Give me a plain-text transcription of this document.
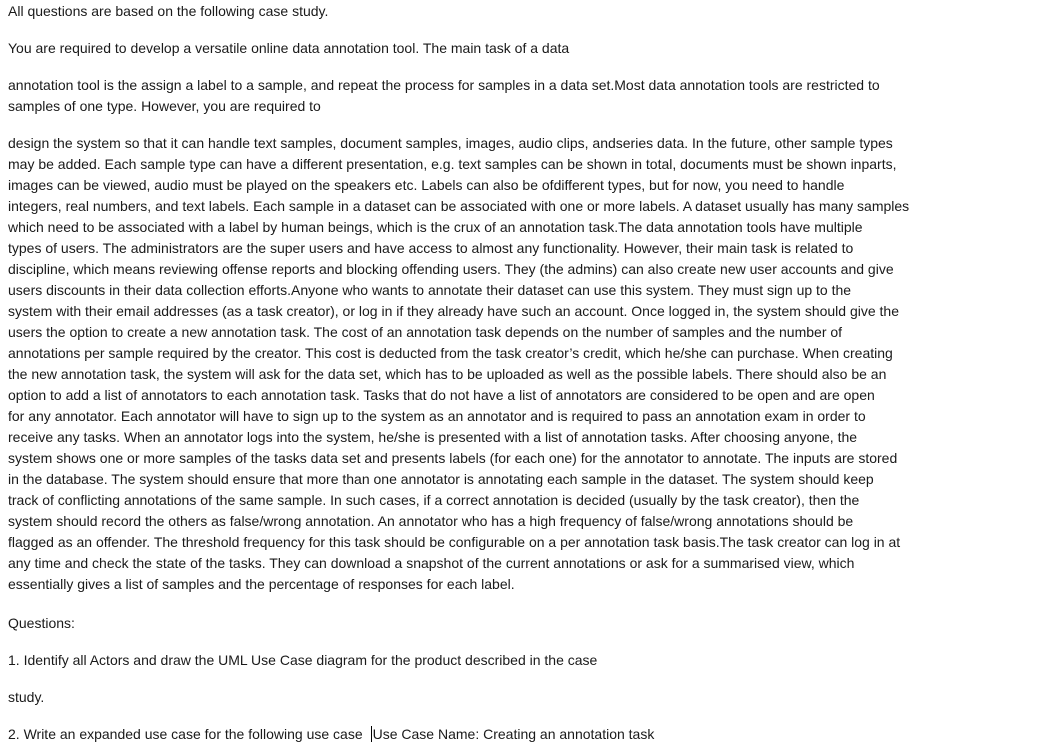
All questions are based on the following case study.

You are required to develop a versatile online data annotation tool. The main task of a data

annotation tool is the assign a label to a sample, and repeat the process for samples in a data set.Most data annotation tools are restricted to
samples of one type. However, you are required to

design the system so that it can handle text samples, document samples, images, audio clips, andseries data. In the future, other sample types
may be added. Each sample type can have a different presentation, e.g. text samples can be shown in total, documents must be shown inparts,
images can be viewed, audio must be played on the speakers etc. Labels can also be ofdifferent types, but for now, you need to handle
integers, real numbers, and text labels. Each sample in a dataset can be associated with one or more labels. A dataset usually has many samples
which need to be associated with a label by human beings, which is the crux of an annotation task.The data annotation tools have multiple
types of users. The administrators are the super users and have access to almost any functionality. However, their main task is related to
discipline, which means reviewing offense reports and blocking offending users. They (the admins) can also create new user accounts and give
users discounts in their data collection efforts.Anyone who wants to annotate their dataset can use this system. They must sign up to the
system with their email addresses (as a task creator), or log in if they already have such an account. Once logged in, the system should give the
users the option to create a new annotation task. The cost of an annotation task depends on the number of samples and the number of
annotations per sample required by the creator. This cost is deducted from the task creator’s credit, which he/she can purchase. When creating
the new annotation task, the system will ask for the data set, which has to be uploaded as well as the possible labels. There should also be an
option to add a list of annotators to each annotation task. Tasks that do not have a list of annotators are considered to be open and are open
for any annotator. Each annotator will have to sign up to the system as an annotator and is required to pass an annotation exam in order to
receive any tasks. When an annotator logs into the system, he/she is presented with a list of annotation tasks. After choosing anyone, the
system shows one or more samples of the tasks data set and presents labels (for each one) for the annotator to annotate. The inputs are stored
in the database. The system should ensure that more than one annotator is annotating each sample in the dataset. The system should keep
track of conflicting annotations of the same sample. In such cases, if a correct annotation is decided (usually by the task creator), then the
system should record the others as false/wrong annotation. An annotator who has a high frequency of false/wrong annotations should be
flagged as an offender. The threshold frequency for this task should be configurable on a per annotation task basis.The task creator can log in at
any time and check the state of the tasks. They can download a snapshot of the current annotations or ask for a summarised view, which
essentially gives a list of samples and the percentage of responses for each label.

Questions:

1. Identify all Actors and draw the UML Use Case diagram for the product described in the case

study.

2. Write an expanded use case for the following use case Use Case Name: Creating an annotation task
